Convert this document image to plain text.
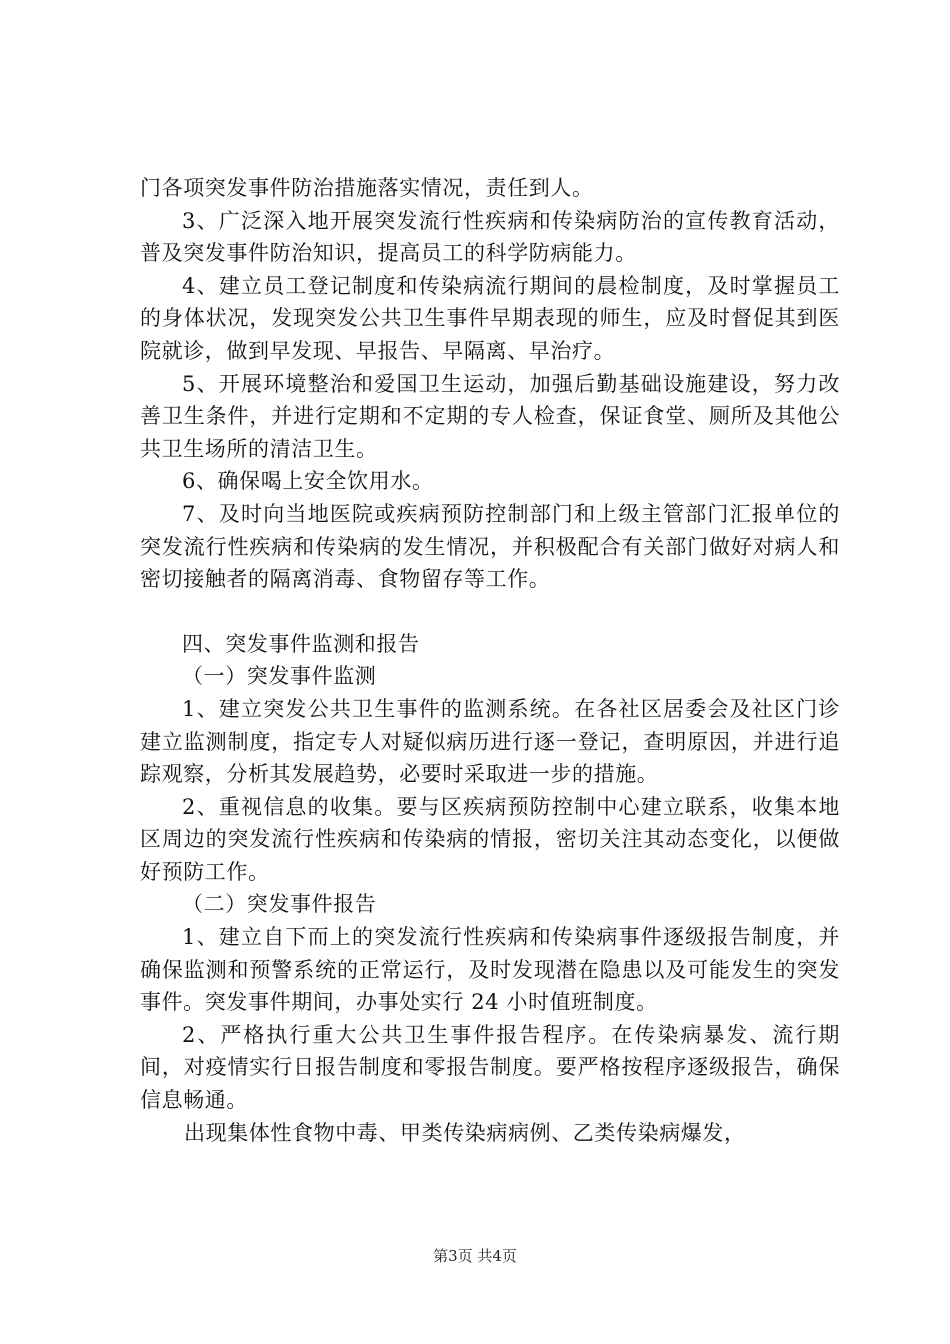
门各项突发事件防治措施落实情况，责任到人。

3、广泛深入地开展突发流行性疾病和传染病防治的宣传教育活动，普及突发事件防治知识，提高员工的科学防病能力。

4、建立员工登记制度和传染病流行期间的晨检制度，及时掌握员工的身体状况，发现突发公共卫生事件早期表现的师生，应及时督促其到医院就诊，做到早发现、早报告、早隔离、早治疗。

5、开展环境整治和爱国卫生运动，加强后勤基础设施建设，努力改善卫生条件，并进行定期和不定期的专人检查，保证食堂、厕所及其他公共卫生场所的清洁卫生。

6、确保喝上安全饮用水。

7、及时向当地医院或疾病预防控制部门和上级主管部门汇报单位的突发流行性疾病和传染病的发生情况，并积极配合有关部门做好对病人和密切接触者的隔离消毒、食物留存等工作。

四、突发事件监测和报告

（一）突发事件监测

1、建立突发公共卫生事件的监测系统。在各社区居委会及社区门诊建立监测制度，指定专人对疑似病历进行逐一登记，查明原因，并进行追踪观察，分析其发展趋势，必要时采取进一步的措施。

2、重视信息的收集。要与区疾病预防控制中心建立联系，收集本地区周边的突发流行性疾病和传染病的情报，密切关注其动态变化，以便做好预防工作。

（二）突发事件报告

1、建立自下而上的突发流行性疾病和传染病事件逐级报告制度，并确保监测和预警系统的正常运行，及时发现潜在隐患以及可能发生的突发事件。突发事件期间，办事处实行 24 小时值班制度。

2、严格执行重大公共卫生事件报告程序。在传染病暴发、流行期间，对疫情实行日报告制度和零报告制度。要严格按程序逐级报告，确保信息畅通。

出现集体性食物中毒、甲类传染病病例、乙类传染病爆发，

第3页 共4页
